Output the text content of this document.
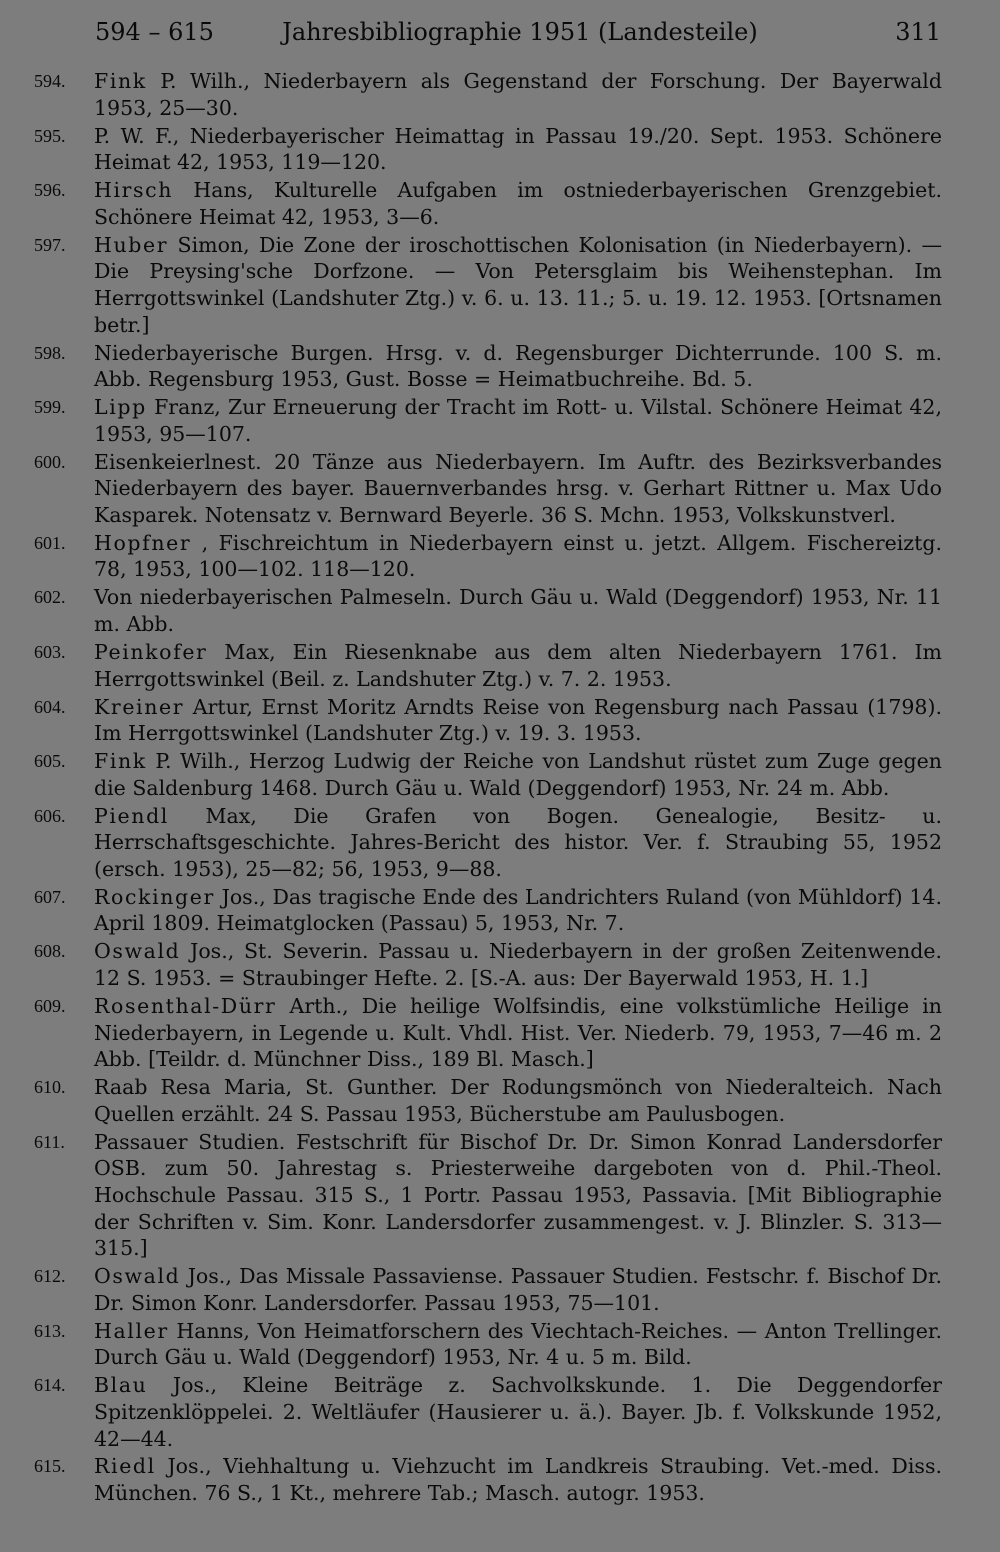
594 – 615	Jahresbibliographie 1951 (Landesteile)	311
594. Fink P. Wilh., Niederbayern als Gegenstand der Forschung. Der Bayerwald 1953, 25—30.
595. P. W. F., Niederbayerischer Heimattag in Passau 19./20. Sept. 1953. Schönere Heimat 42, 1953, 119—120.
596. Hirsch Hans, Kulturelle Aufgaben im ostniederbayerischen Grenzgebiet. Schönere Heimat 42, 1953, 3—6.
597. Huber Simon, Die Zone der iroschottischen Kolonisation (in Niederbayern). — Die Preysing'sche Dorfzone. — Von Petersglaim bis Weihenstephan. Im Herrgottswinkel (Landshuter Ztg.) v. 6. u. 13. 11.; 5. u. 19. 12. 1953. [Ortsnamen betr.]
598. Niederbayerische Burgen. Hrsg. v. d. Regensburger Dichterrunde. 100 S. m. Abb. Regensburg 1953, Gust. Bosse = Heimatbuchreihe. Bd. 5.
599. Lipp Franz, Zur Erneuerung der Tracht im Rott- u. Vilstal. Schönere Heimat 42, 1953, 95—107.
600. Eisenkeierlnest. 20 Tänze aus Niederbayern. Im Auftr. des Bezirksverbandes Niederbayern des bayer. Bauernverbandes hrsg. v. Gerhart Rittner u. Max Udo Kasparek. Notensatz v. Bernward Beyerle. 36 S. Mchn. 1953, Volkskunstverl.
601. Hopfner , Fischreichtum in Niederbayern einst u. jetzt. Allgem. Fischereiztg. 78, 1953, 100—102. 118—120.
602. Von niederbayerischen Palmeseln. Durch Gäu u. Wald (Deggendorf) 1953, Nr. 11 m. Abb.
603. Peinkofer Max, Ein Riesenknabe aus dem alten Niederbayern 1761. Im Herrgottswinkel (Beil. z. Landshuter Ztg.) v. 7. 2. 1953.
604. Kreiner Artur, Ernst Moritz Arndts Reise von Regensburg nach Passau (1798). Im Herrgottswinkel (Landshuter Ztg.) v. 19. 3. 1953.
605. Fink P. Wilh., Herzog Ludwig der Reiche von Landshut rüstet zum Zuge gegen die Saldenburg 1468. Durch Gäu u. Wald (Deggendorf) 1953, Nr. 24 m. Abb.
606. Piendl Max, Die Grafen von Bogen. Genealogie, Besitz- u. Herrschaftsgeschichte. Jahres-Bericht des histor. Ver. f. Straubing 55, 1952 (ersch. 1953), 25—82; 56, 1953, 9—88.
607. Rockinger Jos., Das tragische Ende des Landrichters Ruland (von Mühldorf) 14. April 1809. Heimatglocken (Passau) 5, 1953, Nr. 7.
608. Oswald Jos., St. Severin. Passau u. Niederbayern in der großen Zeitenwende. 12 S. 1953. = Straubinger Hefte. 2. [S.-A. aus: Der Bayerwald 1953, H. 1.]
609. Rosenthal-Dürr Arth., Die heilige Wolfsindis, eine volkstümliche Heilige in Niederbayern, in Legende u. Kult. Vhdl. Hist. Ver. Niederb. 79, 1953, 7—46 m. 2 Abb. [Teildr. d. Münchner Diss., 189 Bl. Masch.]
610. Raab Resa Maria, St. Gunther. Der Rodungsmönch von Niederalteich. Nach Quellen erzählt. 24 S. Passau 1953, Bücherstube am Paulusbogen.
611. Passauer Studien. Festschrift für Bischof Dr. Dr. Simon Konrad Landersdorfer OSB. zum 50. Jahrestag s. Priesterweihe dargeboten von d. Phil.-Theol. Hochschule Passau. 315 S., 1 Portr. Passau 1953, Passavia. [Mit Bibliographie der Schriften v. Sim. Konr. Landersdorfer zusammengest. v. J. Blinzler. S. 313—315.]
612. Oswald Jos., Das Missale Passaviense. Passauer Studien. Festschr. f. Bischof Dr. Dr. Simon Konr. Landersdorfer. Passau 1953, 75—101.
613. Haller Hanns, Von Heimatforschern des Viechtach-Reiches. — Anton Trellinger. Durch Gäu u. Wald (Deggendorf) 1953, Nr. 4 u. 5 m. Bild.
614. Blau Jos., Kleine Beiträge z. Sachvolkskunde. 1. Die Deggendorfer Spitzenklöppelei. 2. Weltläufer (Hausierer u. ä.). Bayer. Jb. f. Volkskunde 1952, 42—44.
615. Riedl Jos., Viehhaltung u. Viehzucht im Landkreis Straubing. Vet.-med. Diss. München. 76 S., 1 Kt., mehrere Tab.; Masch. autogr. 1953.
